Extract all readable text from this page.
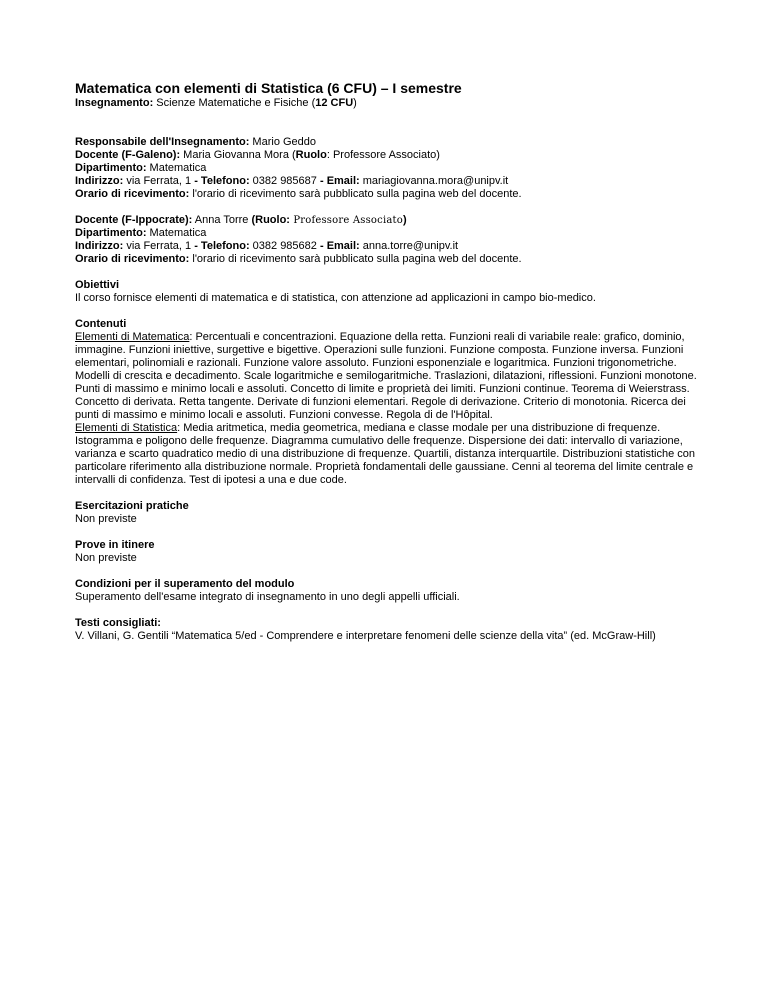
Matematica con elementi di Statistica (6 CFU) – I semestre

Insegnamento: Scienze Matematiche e Fisiche (12 CFU)

Responsabile dell'Insegnamento: Mario Geddo

Docente (F-Galeno): Maria Giovanna Mora (Ruolo: Professore Associato)

Dipartimento: Matematica

Indirizzo: via Ferrata, 1 - Telefono: 0382 985687 - Email: mariagiovanna.mora@unipv.it

Orario di ricevimento: l'orario di ricevimento sarà pubblicato sulla pagina web del docente.

Docente (F-Ippocrate): Anna Torre (Ruolo: Professore Associato)

Dipartimento: Matematica

Indirizzo: via Ferrata, 1 - Telefono: 0382 985682 - Email: anna.torre@unipv.it

Orario di ricevimento: l'orario di ricevimento sarà pubblicato sulla pagina web del docente.

Obiettivi

Il corso fornisce elementi di matematica e di statistica, con attenzione ad applicazioni in campo bio-medico.

Contenuti

Elementi di Matematica: Percentuali e concentrazioni. Equazione della retta. Funzioni reali di variabile reale: grafico, dominio, immagine. Funzioni iniettive, surgettive e bigettive. Operazioni sulle funzioni. Funzione composta. Funzione inversa. Funzioni elementari, polinomiali e razionali. Funzione valore assoluto. Funzioni esponenziale e logaritmica. Funzioni trigonometriche. Modelli di crescita e decadimento. Scale logaritmiche e semilogaritmiche. Traslazioni, dilatazioni, riflessioni. Funzioni monotone. Punti di massimo e minimo locali e assoluti. Concetto di limite e proprietà dei limiti. Funzioni continue. Teorema di Weierstrass. Concetto di derivata. Retta tangente. Derivate di funzioni elementari. Regole di derivazione. Criterio di monotonia. Ricerca dei punti di massimo e minimo locali e assoluti. Funzioni convesse. Regola di de l'Hôpital.

Elementi di Statistica: Media aritmetica, media geometrica, mediana e classe modale per una distribuzione di frequenze. Istogramma e poligono delle frequenze. Diagramma cumulativo delle frequenze. Dispersione dei dati: intervallo di variazione, varianza e scarto quadratico medio di una distribuzione di frequenze. Quartili, distanza interquartile. Distribuzioni statistiche con particolare riferimento alla distribuzione normale. Proprietà fondamentali delle gaussiane. Cenni al teorema del limite centrale e intervalli di confidenza. Test di ipotesi a una e due code.

Esercitazioni pratiche

Non previste

Prove in itinere

Non previste

Condizioni per il superamento del modulo

Superamento dell'esame integrato di insegnamento in uno degli appelli ufficiali.

Testi consigliati:

V. Villani, G. Gentili “Matematica 5/ed - Comprendere e interpretare fenomeni delle scienze della vita” (ed. McGraw-Hill)
